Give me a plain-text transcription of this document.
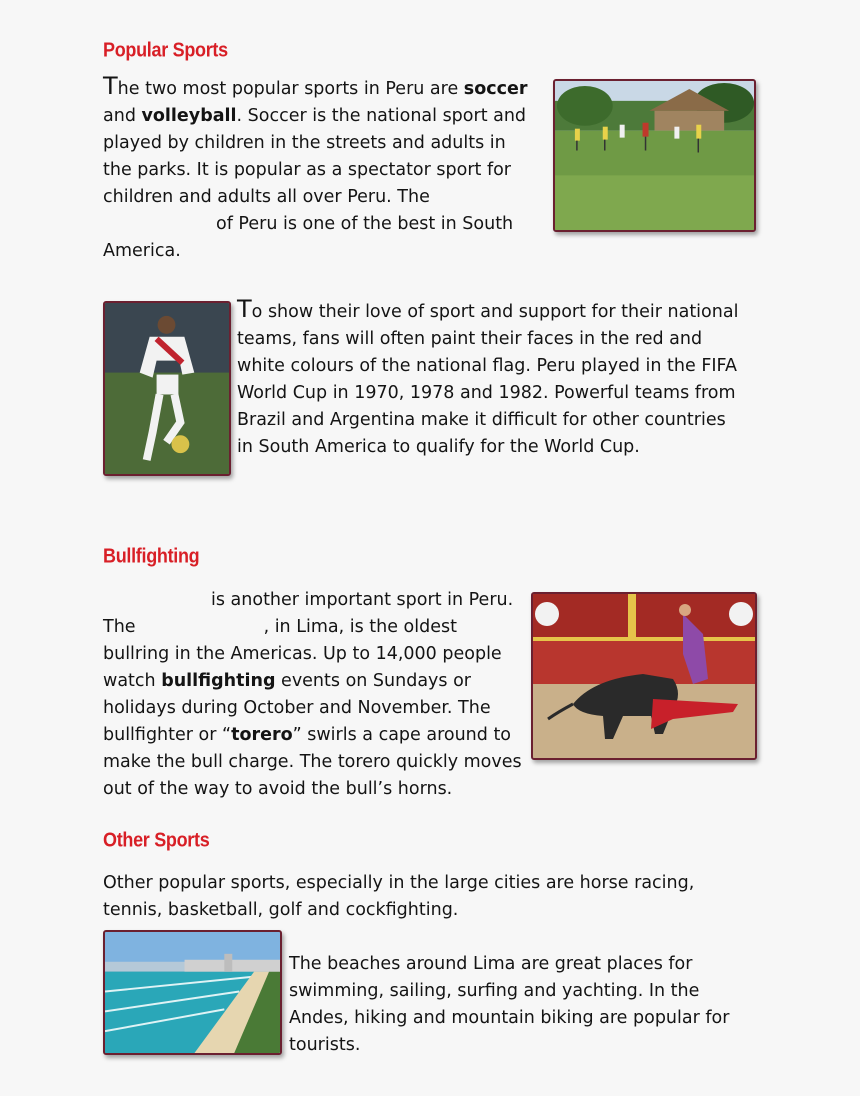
Popular Sports
The two most popular sports in Peru are soccer
and volleyball. Soccer is the national sport and
played by children in the streets and adults in
the parks. It is popular as a spectator sport for
children and adults all over Peru. The
of Peru is one of the best in South
America.
To show their love of sport and support for their national
teams, fans will often paint their faces in the red and
white colours of the national flag. Peru played in the FIFA
World Cup in 1970, 1978 and 1982. Powerful teams from
Brazil and Argentina make it difficult for other countries
in South America to qualify for the World Cup.
Bullfighting
is another important sport in Peru.
The	, in Lima, is the oldest
bullring in the Americas. Up to 14,000 people
watch bullfighting events on Sundays or
holidays during October and November. The
bullfighter or “torero” swirls a cape around to
make the bull charge. The torero quickly moves
out of the way to avoid the bull’s horns.
Other Sports
Other popular sports, especially in the large cities are horse racing,
tennis, basketball, golf and cockfighting.
The beaches around Lima are great places for
swimming, sailing, surfing and yachting. In the
Andes, hiking and mountain biking are popular for
tourists.
